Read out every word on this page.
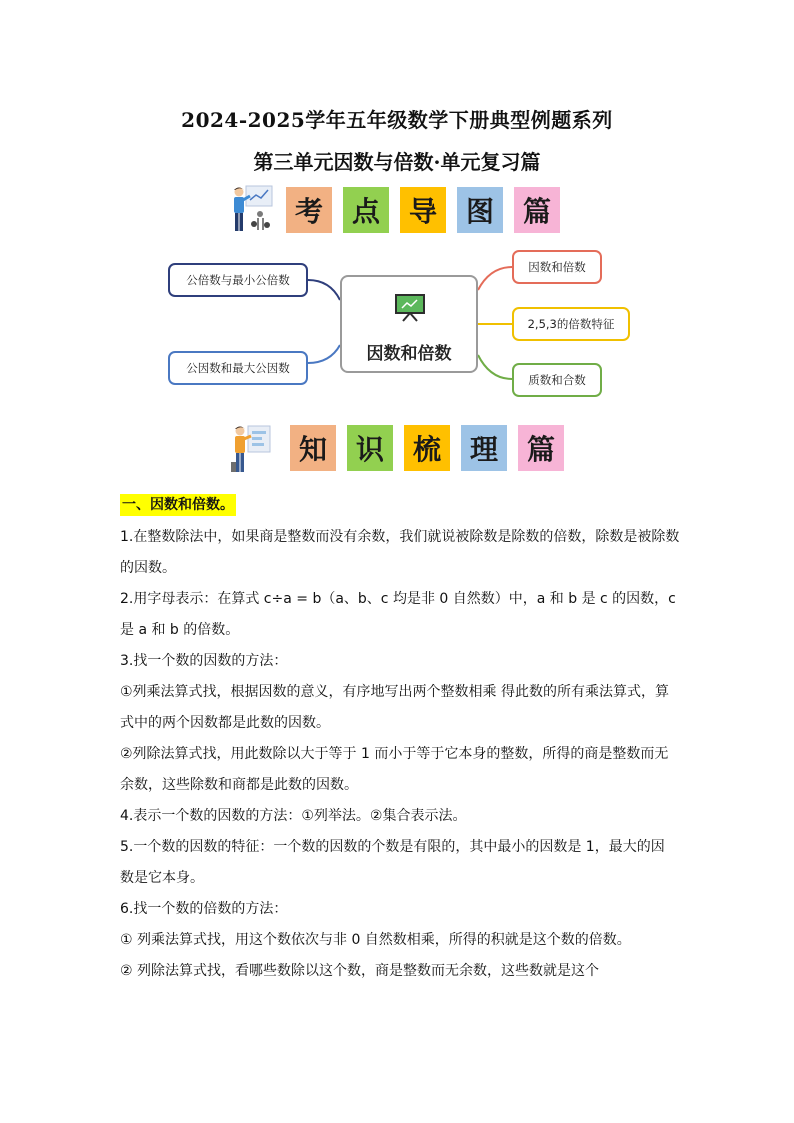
2024-2025学年五年级数学下册典型例题系列
第三单元因数与倍数·单元复习篇
考	点	导	图	篇
公倍数与最小公倍数
公因数和最大公因数
因数和倍数
因数和倍数
2,5,3的倍数特征
质数和合数
知	识	梳	理	篇
一、因数和倍数。

1.在整数除法中，如果商是整数而没有余数，我们就说被除数是除数的倍数，除数是被除数的因数。

2.用字母表示：在算式 c÷a = b（a、b、c 均是非 0 自然数）中，a 和 b 是 c 的因数，c 是 a 和 b 的倍数。

3.找一个数的因数的方法：

①列乘法算式找，根据因数的意义，有序地写出两个整数相乘 得此数的所有乘法算式，算式中的两个因数都是此数的因数。

②列除法算式找，用此数除以大于等于 1 而小于等于它本身的整数，所得的商是整数而无余数，这些除数和商都是此数的因数。

4.表示一个数的因数的方法：①列举法。②集合表示法。

5.一个数的因数的特征：一个数的因数的个数是有限的，其中最小的因数是 1，最大的因 数是它本身。

6.找一个数的倍数的方法：

① 列乘法算式找，用这个数依次与非 0 自然数相乘，所得的积就是这个数的倍数。

② 列除法算式找，看哪些数除以这个数，商是整数而无余数，这些数就是这个
